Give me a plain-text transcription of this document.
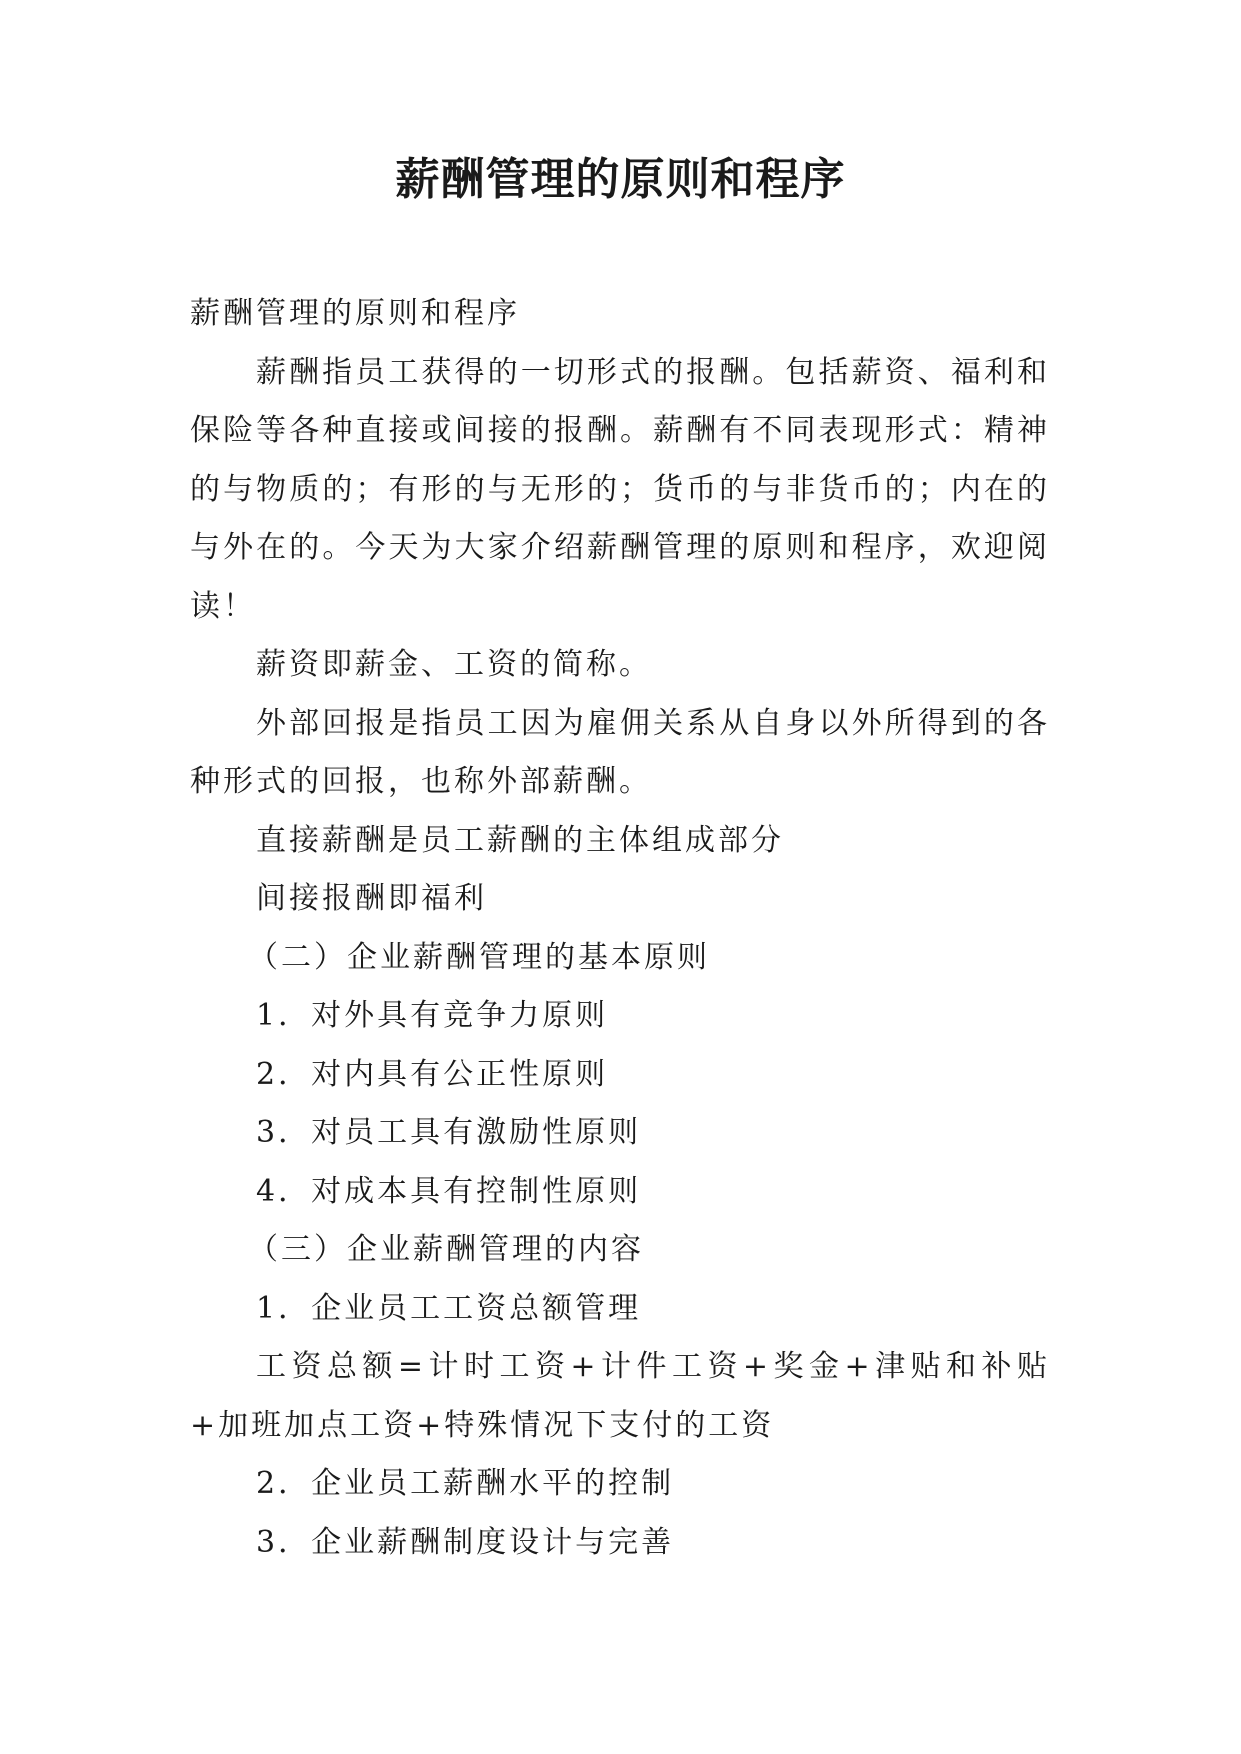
薪酬管理的原则和程序

薪酬管理的原则和程序

薪酬指员工获得的一切形式的报酬。包括薪资、福利和保险等各种直接或间接的报酬。薪酬有不同表现形式：精神的与物质的；有形的与无形的；货币的与非货币的；内在的与外在的。今天为大家介绍薪酬管理的原则和程序，欢迎阅读！

薪资即薪金、工资的简称。

外部回报是指员工因为雇佣关系从自身以外所得到的各种形式的回报，也称外部薪酬。

直接薪酬是员工薪酬的主体组成部分

间接报酬即福利

（二）企业薪酬管理的基本原则

1．对外具有竞争力原则

2．对内具有公正性原则

3．对员工具有激励性原则

4．对成本具有控制性原则

（三）企业薪酬管理的内容

1．企业员工工资总额管理

工资总额=计时工资+计件工资+奖金+津贴和补贴+加班加点工资+特殊情况下支付的工资

2．企业员工薪酬水平的控制

3．企业薪酬制度设计与完善
